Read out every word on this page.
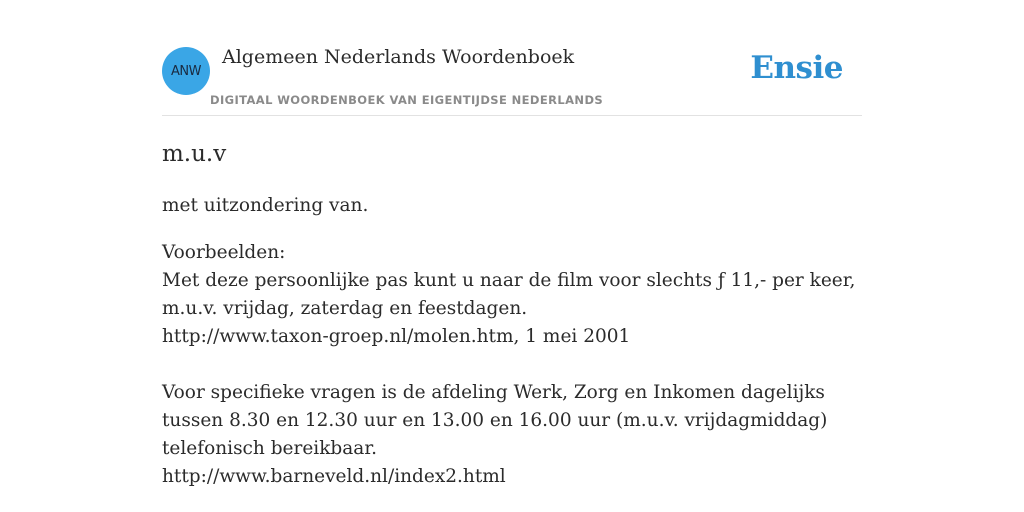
ANW
Algemeen Nederlands Woordenboek
DIGITAAL WOORDENBOEK VAN EIGENTIJDSE NEDERLANDS
Ensie
m.u.v

met uitzondering van.

Voorbeelden:

Met deze persoonlijke pas kunt u naar de film voor slechts ƒ 11,- per keer, m.u.v. vrijdag, zaterdag en feestdagen.

http://www.taxon-groep.nl/molen.htm, 1 mei 2001

Voor specifieke vragen is de afdeling Werk, Zorg en Inkomen dagelijks tussen 8.30 en 12.30 uur en 13.00 en 16.00 uur (m.u.v. vrijdagmiddag) telefonisch bereikbaar.

http://www.barneveld.nl/index2.html
